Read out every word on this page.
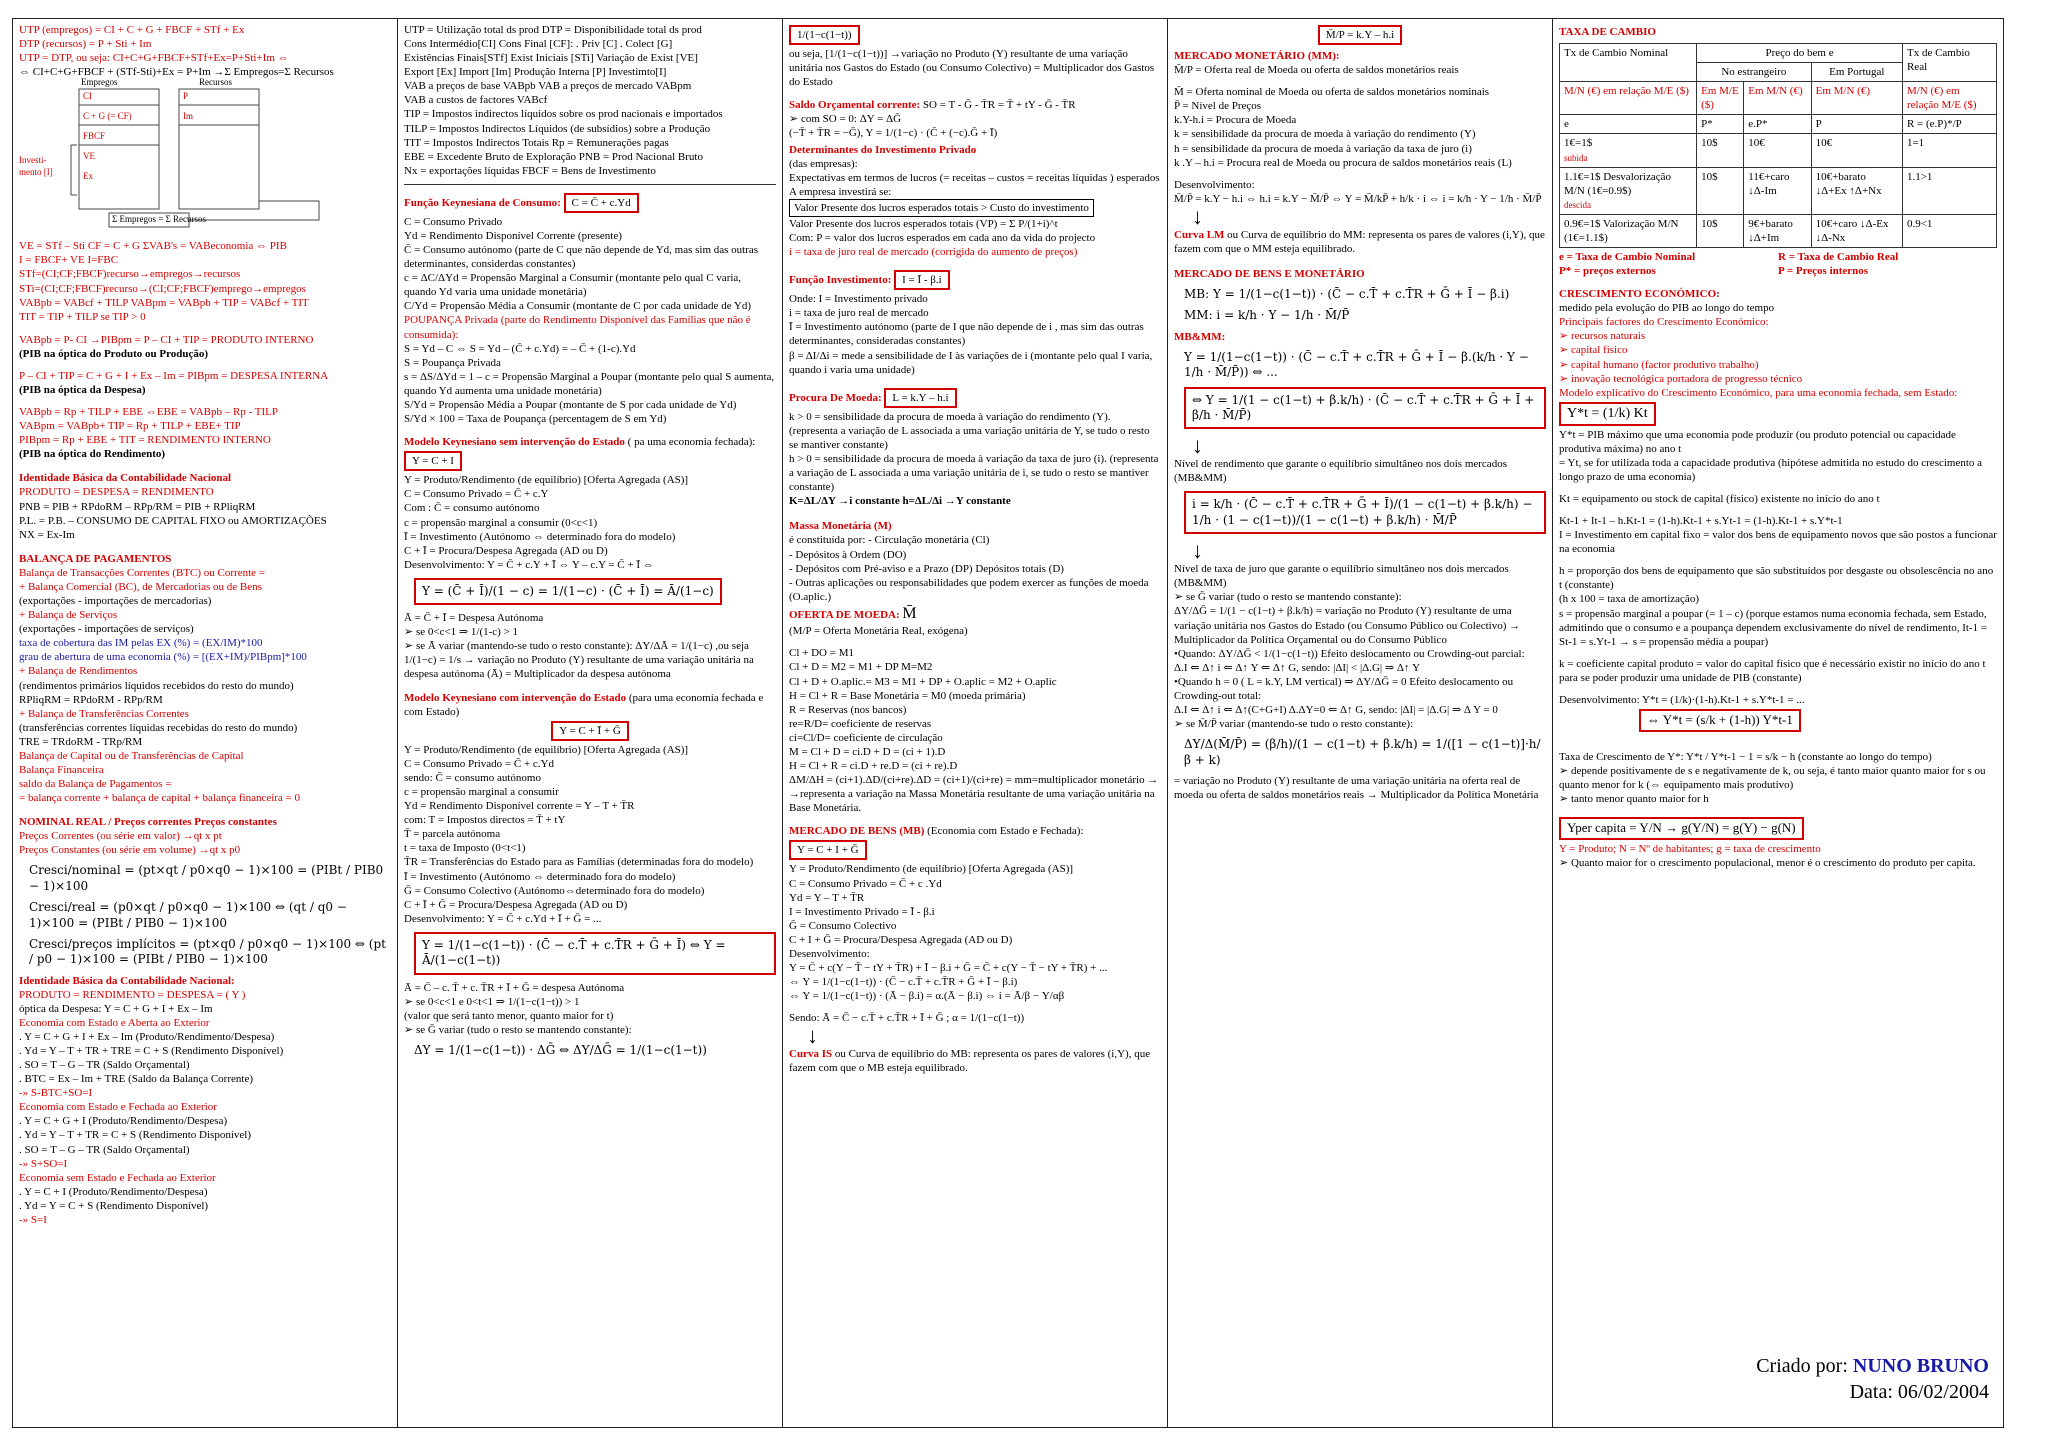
UTP (empregos) = CI + C + G + FBCF + STf + Ex
DTP (recursos) = P + Sti + Im
UTP = DTP, ou seja: CI+C+G+FBCF+STf+Ex=P+Sti+Im ⇔
⇔ CI+C+G+FBCF + (STf-Sti)+Ex = P+Im →Σ Empregos=Σ Recursos
Empregos	Recursos
CI
C + G (= CF)
FBCF
VE
Ex
P
Im
Investi-mento [I]
Σ Empregos = Σ Recursos
VE = STf – Sti CF = C + G ΣVAB's = VABeconomia ⇔ PIB
I = FBCF+ VE I=FBC
STf=(CI;CF;FBCF)recurso→empregos→recursos
STi=(CI;CF;FBCF)recurso→(CI;CF;FBCF)emprego→empregos
VABpb = VABcf + TILP VABpm = VABpb + TIP = VABcf + TIT
TIT = TIP + TILP se TIP > 0
VABpb = P- CI →PIBpm = P – CI + TIP = PRODUTO INTERNO
(PIB na óptica do Produto ou Produção)
P – CI + TIP = C + G + I + Ex – Im = PIBpm = DESPESA INTERNA
(PIB na óptica da Despesa)
VABpb = Rp + TILP + EBE ⇔EBE = VABpb – Rp - TILP
VABpm = VABpb+ TIP = Rp + TILP + EBE+ TIP
PIBpm = Rp + EBE + TIT = RENDIMENTO INTERNO
(PIB na óptica do Rendimento)
Identidade Básica da Contabilidade Nacional
PRODUTO = DESPESA = RENDIMENTO
PNB = PIB + RPdoRM – RPp/RM = PIB + RPliqRM
P.L. = P.B. – CONSUMO DE CAPITAL FIXO ou AMORTIZAÇÕES
NX = Ex-Im
BALANÇA DE PAGAMENTOS
Balança de Transacções Correntes (BTC) ou Corrente =
+ Balança Comercial (BC), de Mercadorias ou de Bens
(exportações - importações de mercadorias)
+ Balança de Serviços
(exportações - importações de serviços)
taxa de cobertura das IM pelas EX (%) = (EX/IM)*100
grau de abertura de uma economia (%) = [(EX+IM)/PIBpm]*100
+ Balança de Rendimentos
(rendimentos primários líquidos recebidos do resto do mundo)
RPliqRM = RPdoRM - RPp/RM
+ Balança de Transferências Correntes
(transferências correntes líquidas recebidas do resto do mundo)
TRE = TRdoRM - TRp/RM
Balança de Capital ou de Transferências de Capital
Balança Financeira
saldo da Balança de Pagamentos =
= balança corrente + balança de capital + balança financeira = 0
NOMINAL REAL / Preços correntes Preços constantes
Preços Correntes (ou série em valor) →qt x pt
Preços Constantes (ou série em volume) →qt x p0
Cresci/nominal = (pt×qt / p0×q0 − 1)×100 = (PIBt / PIB0 − 1)×100
Cresci/real = (p0×qt / p0×q0 − 1)×100 ⇔ (qt / q0 − 1)×100 = (PIBt / PIB0 − 1)×100
Cresci/preços implícitos = (pt×q0 / p0×q0 − 1)×100 ⇔ (pt / p0 − 1)×100 = (PIBt / PIB0 − 1)×100
Identidade Básica da Contabilidade Nacional:
PRODUTO = RENDIMENTO = DESPESA = ( Y )
óptica da Despesa: Y = C + G + I + Ex – Im
Economia com Estado e Aberta ao Exterior
. Y = C + G + I + Ex – Im (Produto/Rendimento/Despesa)
. Yd = Y – T + TR + TRE = C + S (Rendimento Disponível)
. SO = T – G – TR (Saldo Orçamental)
. BTC = Ex – Im + TRE (Saldo da Balança Corrente)
-» S-BTC+SO=I
Economia com Estado e Fechada ao Exterior
. Y = C + G + I (Produto/Rendimento/Despesa)
. Yd = Y – T + TR = C + S (Rendimento Disponível)
. SO = T – G – TR (Saldo Orçamental)
-» S+SO=I
Economia sem Estado e Fechada ao Exterior
. Y = C + I (Produto/Rendimento/Despesa)
. Yd = Y = C + S (Rendimento Disponível)
-» S=I
UTP = Utilização total ds prod DTP = Disponibilidade total ds prod
Cons Intermédio[CI] Cons Final [CF]: . Priv [C] . Colect [G]
Existências Finais[STf] Exist Iniciais [STi] Variação de Exist [VE]
Export [Ex] Import [Im] Produção Interna [P] Investimto[I]
VAB a preços de base VABpb VAB a preços de mercado VABpm
VAB a custos de factores VABcf
TIP = Impostos indirectos líquidos sobre os prod nacionais e importados
TILP = Impostos Indirectos Líquidos (de subsídios) sobre a Produção
TIT = Impostos Indirectos Totais Rp = Remunerações pagas
EBE = Excedente Bruto de Exploração PNB = Prod Nacional Bruto
Nx = exportações líquidas FBCF = Bens de Investimento
Função Keynesiana de Consumo: C = C̄ + c.Yd
C = Consumo Privado
Yd = Rendimento Disponível Corrente (presente)
C̄ = Consumo autónomo (parte de C que não depende de Yd, mas sim das outras determinantes, considerdas constantes)
c = ΔC/ΔYd = Propensão Marginal a Consumir (montante pelo qual C varia, quando Yd varia uma unidade monetária)
C/Yd = Propensão Média a Consumir (montante de C por cada unidade de Yd)
POUPANÇA Privada (parte do Rendimento Disponível das Famílias que não é consumida):
S = Yd – C ⇔ S = Yd – (C̄ + c.Yd) = – C̄ + (1-c).Yd
S = Poupança Privada
s = ΔS/ΔYd = 1 – c = Propensão Marginal a Poupar (montante pelo qual S aumenta, quando Yd aumenta uma unidade monetária)
S/Yd = Propensão Média a Poupar (montante de S por cada unidade de Yd)
S/Yd × 100 = Taxa de Poupança (percentagem de S em Yd)
Modelo Keynesiano sem intervenção do Estado ( pa uma economia fechada):
Y = C + I
Y = Produto/Rendimento (de equilíbrio) [Oferta Agregada (AS)]
C = Consumo Privado = C̄ + c.Y
Com : C̄ = consumo autónomo
c = propensão marginal a consumir (0<c<1)
Ī = Investimento (Autónomo ⇔ determinado fora do modelo)
C + Ī = Procura/Despesa Agregada (AD ou D)
Desenvolvimento: Y = C̄ + c.Y + Ī ⇔ Y – c.Y = C̄ + Ī ⇔
Y = (C̄ + Ī)/(1 − c) = 1/(1−c) · (C̄ + Ī) = Ā/(1−c)
Ā = C̄ + Ī = Despesa Autónoma
➢ se 0<c<1 ⇒ 1/(1-c) > 1
➢ se Ā variar (mantendo-se tudo o resto constante): ΔY/ΔĀ = 1/(1−c) ,ou seja
1/(1−c) = 1/s → variação no Produto (Y) resultante de uma variação unitária na despesa autónoma (Ā) = Multiplicador da despesa autónoma
Modelo Keynesiano com intervenção do Estado (para uma economia fechada e com Estado)
Y = C + Ī + Ḡ
Y = Produto/Rendimento (de equilíbrio) [Oferta Agregada (AS)]
C = Consumo Privado = C̄ + c.Yd
sendo: C̄ = consumo autónomo
c = propensão marginal a consumir
Yd = Rendimento Disponível corrente = Y – T + T̄R
com: T = Impostos directos = T̄ + tY
T̄ = parcela autónoma
t = taxa de Imposto (0<t<1)
T̄R = Transferências do Estado para as Famílias (determinadas fora do modelo)
Ī = Investimento (Autónomo ⇔ determinado fora do modelo)
Ḡ = Consumo Colectivo (Autónomo⇔determinado fora do modelo)
C + Ī + Ḡ = Procura/Despesa Agregada (AD ou D)
Desenvolvimento: Y = C̄ + c.Yd + Ī + Ḡ = ...
Y = 1/(1−c(1−t)) · (C̄ − c.T̄ + c.T̄R + Ḡ + Ī) ⇔ Y = Ā/(1−c(1−t))
Ā = C̄ – c. T̄ + c. T̄R + Ī + Ḡ = despesa Autónoma
➢ se 0<c<1 e 0<t<1 ⇒ 1/(1−c(1−t)) > 1
(valor que será tanto menor, quanto maior for t)
➢ se Ḡ variar (tudo o resto se mantendo constante):
ΔY = 1/(1−c(1−t)) · ΔḠ ⇔ ΔY/ΔḠ = 1/(1−c(1−t))
1/(1−c(1−t))
ou seja, [1/(1−c(1−t))] →variação no Produto (Y) resultante de uma variação unitária nos Gastos do Estado (ou Consumo Colectivo) = Multiplicador dos Gastos do Estado
Saldo Orçamental corrente: SO = T - Ḡ - T̄R = T̄ + tY - Ḡ - T̄R
➢ com SO = 0: ΔY = ΔḠ
(−T̄ + T̄R = −Ḡ), Y = 1/(1−c) · (C̄ + (−c).Ḡ + Ī)
Determinantes do Investimento Privado
(das empresas):
Expectativas em termos de lucros (= receitas – custos = receitas líquidas ) esperados
A empresa investirá se:
Valor Presente dos lucros esperados totais > Custo do investimento
Valor Presente dos lucros esperados totais (VP) = Σ P/(1+i)^t
Com: P = valor dos lucros esperados em cada ano da vida do projecto
i = taxa de juro real de mercado (corrigida do aumento de preços)
Função Investimento: I = Ī - β.i
Onde: I = Investimento privado
i = taxa de juro real de mercado
Ī = Investimento autónomo (parte de I que não depende de i , mas sim das outras determinantes, consideradas constantes)
β = ΔI/Δi = mede a sensibilidade de I às variações de i (montante pelo qual I varia, quando i varia uma unidade)
Procura De Moeda: L = k.Y – h.i
k > 0 = sensibilidade da procura de moeda à variação do rendimento (Y). (representa a variação de L associada a uma variação unitária de Y, se tudo o resto se mantiver constante)
h > 0 = sensibilidade da procura de moeda à variação da taxa de juro (i). (representa a variação de L associada a uma variação unitária de i, se tudo o resto se mantiver constante)
K=ΔL/ΔY →i constante h=ΔL/Δi →Y constante
Massa Monetária (M)
é constituída por: - Circulação monetária (Cl)
- Depósitos à Ordem (DO)
- Depósitos com Pré-aviso e a Prazo (DP) Depósitos totais (D)
- Outras aplicações ou responsabilidades que podem exercer as funções de moeda (O.aplic.)
OFERTA DE MOEDA: M̄
(M/P = Oferta Monetária Real, exógena)
Cl + DO = M1
Cl + D = M2 = M1 + DP M=M2
Cl + D + O.aplic.= M3 = M1 + DP + O.aplic = M2 + O.aplic
H = Cl + R = Base Monetária = M0 (moeda primária)
R = Reservas (nos bancos)
re=R/D= coeficiente de reservas
ci=Cl/D= coeficiente de circulação
M = Cl + D = ci.D + D = (ci + 1).D
H = Cl + R = ci.D + re.D = (ci + re).D
ΔM/ΔH = (ci+1).ΔD/(ci+re).ΔD = (ci+1)/(ci+re) = mm=multiplicador monetário →
→representa a variação na Massa Monetária resultante de uma variação unitária na Base Monetária.
MERCADO DE BENS (MB) (Economia com Estado e Fechada):
Y = C + I + Ḡ
Y = Produto/Rendimento (de equilíbrio) [Oferta Agregada (AS)]
C = Consumo Privado = C̄ + c .Yd
Yd = Y – T + T̄R
I = Investimento Privado = Ī - β.i
Ḡ = Consumo Colectivo
C + I + Ḡ = Procura/Despesa Agregada (AD ou D)
Desenvolvimento:
Y = C̄ + c(Y − T̄ − tY + T̄R) + Ī − β.i + Ḡ = C̄ + c(Y − T̄ − tY + T̄R) + ...
⇔ Y = 1/(1−c(1−t)) · (C̄ − c.T̄ + c.T̄R + Ḡ + Ī − β.i)
⇔ Y = 1/(1−c(1−t)) · (Ā − β.i) = α.(Ā − β.i) ⇔ i = Ā/β − Y/αβ
Sendo: Ā = C̄ − c.T̄ + c.T̄R + Ī + Ḡ ; α = 1/(1−c(1−t))
↓
Curva IS ou Curva de equilíbrio do MB: representa os pares de valores (i,Y), que fazem com que o MB esteja equilibrado.
M̄/P = k.Y – h.i
MERCADO MONETÁRIO (MM):
M̄/P = Oferta real de Moeda ou oferta de saldos monetários reais
M̄ = Oferta nominal de Moeda ou oferta de saldos monetários nominais
P̄ = Nível de Preços
k.Y-h.i = Procura de Moeda
k = sensibilidade da procura de moeda à variação do rendimento (Y)
h = sensibilidade da procura de moeda à variação da taxa de juro (i)
k .Y – h.i = Procura real de Moeda ou procura de saldos monetários reais (L)
Desenvolvimento:
M̄/P̄ = k.Y − h.i ⇔ h.i = k.Y − M̄/P̄ ⇔ Y = M̄/kP̄ + h/k · i ⇔ i = k/h · Y − 1/h · M̄/P̄
↓
Curva LM ou Curva de equilíbrio do MM: representa os pares de valores (i,Y), que fazem com que o MM esteja equilibrado.
MERCADO DE BENS E MONETÁRIO
MB: Y = 1/(1−c(1−t)) · (C̄ − c.T̄ + c.T̄R + Ḡ + Ī − β.i)
MM: i = k/h · Y − 1/h · M̄/P̄
MB&MM:
Y = 1/(1−c(1−t)) · (C̄ − c.T̄ + c.T̄R + Ḡ + Ī − β.(k/h · Y − 1/h · M̄/P̄)) ⇔ ...
⇔ Y = 1/(1 − c(1−t) + β.k/h) · (C̄ − c.T̄ + c.T̄R + Ḡ + Ī + β/h · M̄/P̄)
↓
Nível de rendimento que garante o equilíbrio simultâneo nos dois mercados (MB&MM)
i = k/h · (C̄ − c.T̄ + c.T̄R + Ḡ + Ī)/(1 − c(1−t) + β.k/h) − 1/h · (1 − c(1−t))/(1 − c(1−t) + β.k/h) · M̄/P̄
↓
Nível de taxa de juro que garante o equilíbrio simultâneo nos dois mercados (MB&MM)
➢ se Ḡ variar (tudo o resto se mantendo constante):
ΔY/ΔḠ = 1/(1 − c(1−t) + β.k/h) = variação no Produto (Y) resultante de uma variação unitária nos Gastos do Estado (ou Consumo Público ou Colectivo) → Multiplicador da Política Orçamental ou do Consumo Público
•Quando: ΔY/ΔḠ < 1/(1−c(1−t)) Efeito deslocamento ou Crowding-out parcial:
Δ.I ⇐ Δ↑ i ⇐ Δ↑ Y ⇐ Δ↑ G, sendo: |ΔI| < |Δ.G| ⇒ Δ↑ Y
•Quando h = 0 ( L = k.Y, LM vertical) ⇒ ΔY/ΔḠ = 0 Efeito deslocamento ou Crowding-out total:
Δ.I ⇐ Δ↑ i ⇐ Δ↑(C+G+I) Δ.ΔY=0 ⇐ Δ↑ G, sendo: |ΔI| = |Δ.G| ⇒ Δ Y = 0
➢ se M̄/P̄ variar (mantendo-se tudo o resto constante):
ΔY/Δ(M̄/P̄) = (β/h)/(1 − c(1−t) + β.k/h) = 1/([1 − c(1−t)]·h/β + k)
= variação no Produto (Y) resultante de uma variação unitária na oferta real de moeda ou oferta de saldos monetários reais → Multiplicador da Política Monetária
TAXA DE CAMBIO
Tx de Cambio Nominal	Preço do bem e			Tx de Cambio Real
	No estrangeiro		Em Portugal	
M/N (€) em relação M/E ($)	Em M/E ($)	Em M/N (€)	Em M/N (€)	M/N (€) em relação M/E ($)
e	P*	e.P*	P	R = (e.P)*/P
1€=1$
subida	10$	10€	10€	1=1
1.1€=1$ Desvalorização M/N (1€=0.9$)
descida	10$	11€+caro ↓Δ-Im	10€+barato ↓Δ+Ex ↑Δ+Nx	1.1>1
0.9€=1$ Valorização M/N (1€=1.1$)	10$	9€+barato ↓Δ+Im	10€+caro ↓Δ-Ex ↓Δ-Nx	0.9<1
e = Taxa de Cambio Nominal	R = Taxa de Cambio Real
P* = preços externos	P = Preços internos
CRESCIMENTO ECONÓMICO:
medido pela evolução do PIB ao longo do tempo
Principais factores do Crescimento Económico:
➢ recursos naturais
➢ capital físico
➢ capital humano (factor produtivo trabalho)
➢ inovação tecnológica portadora de progresso técnico
Modelo explicativo do Crescimento Económico, para uma economia fechada, sem Estado:
Y*t = (1/k) Kt
Y*t = PIB máximo que uma economia pode produzir (ou produto potencial ou capacidade produtiva máxima) no ano t
= Yt, se for utilizada toda a capacidade produtiva (hipótese admitida no estudo do crescimento a longo prazo de uma economia)
Kt = equipamento ou stock de capital (físico) existente no início do ano t
Kt-1 + It-1 – h.Kt-1 = (1-h).Kt-1 + s.Yt-1 = (1-h).Kt-1 + s.Y*t-1
I = Investimento em capital fixo = valor dos bens de equipamento novos que são postos a funcionar na economia
h = proporção dos bens de equipamento que são substituídos por desgaste ou obsolescência no ano t (constante)
(h x 100 = taxa de amortização)
s = propensão marginal a poupar (= 1 – c) (porque estamos numa economia fechada, sem Estado, admitindo que o consumo e a poupança dependem exclusivamente do nível de rendimento, It-1 = St-1 = s.Yt-1 → s = propensão média a poupar)
k = coeficiente capital produto = valor do capital físico que é necessário existir no início do ano t para se poder produzir uma unidade de PIB (constante)
Desenvolvimento: Y*t = (1/k)·(1-h).Kt-1 + s.Y*t-1 = ...
⇔ Y*t = (s/k + (1-h)) Y*t-1
Taxa de Crescimento de Y*: Y*t / Y*t-1 − 1 = s/k − h (constante ao longo do tempo)
➢ depende positivamente de s e negativamente de k, ou seja, é tanto maior quanto maior for s ou quanto menor for k (⇔ equipamento mais produtivo)
➢ tanto menor quanto maior for h
Yper capita = Y/N → g(Y/N) = g(Y) − g(N)
Y = Produto; N = Nº de habitantes; g = taxa de crescimento
➢ Quanto maior for o crescimento populacional, menor é o crescimento do produto per capita.
Criado por: NUNO BRUNO
Data: 06/02/2004
